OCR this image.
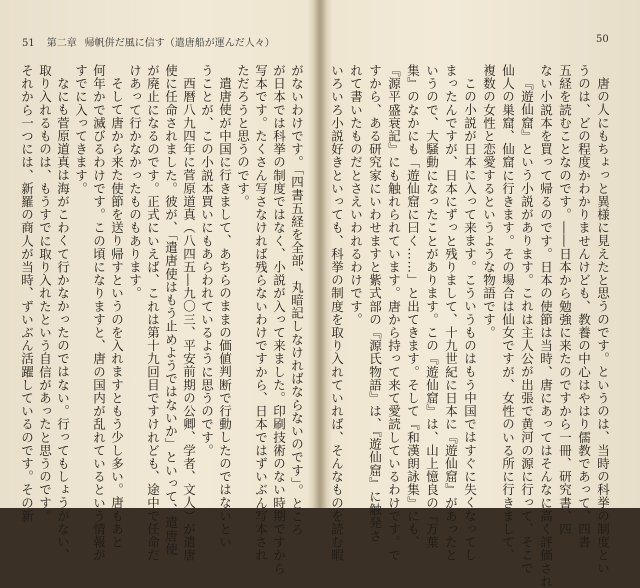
51 第二章 帰帆併だ風に信す（遣唐船が運んだ人々）	50
がないわけです。「四書五経を全部、丸暗記しなければならないのです」。ところ
が日本では科挙の制度ではなく、小説が入って来ました。印刷技術のない時期ですから
写本です。たくさん写さなければ残らないわけですから、日本ではずいぶん写本され
ただろうと思うのです。
遣唐使が中国に行きまして、あちらのままの価値判断で行動したのではないとい
うことが、この小説本買いにもあらわれているように思うのです。
西暦八九四年に菅原道真（八四五―九〇三、平安前期の公卿、学者、文人）が遣唐
使に任命されました。彼が、「遣唐使はもう止めようではないか」といって、遣唐使
が廃止になるのです。正式にいえば、これは第十九回目ですけれども、途中で任命だ
けあって行かなかったものもあります。
そして唐から来た使節を送り帰すというのを入れますともう少し多い。唐もあと
何年かで滅びるわけです。この頃になりますと、唐の国内が乱れているという情報が
すでに入ってきます。
なにも菅原道真は海がこわくて行かなかったのではない。行ってもしょうがない、
取り入れるものは、もうすでに取り入れたという自信があったと思うのです。
それから一つには、新羅の商人が当時、ずいぶん活躍しているのです。その新	唐の人にもちょっと異様に見えたと思うのです。というのは、当時の科挙の制度とい
うのは、どの程度かわかりませんけども、教養の中心はやはり儒教であって、四書
五経を読むことなのです。――日本から勉強に来たのですから一冊、研究書、四
ない小説本を買って帰るのです。日本の使節は当時、唐にあってはそんなに高く評価され
『遊仙窟』という小説があります。これは主人公が出張で黄河の源に行って、そこで
仙人の巣窟、仙窟に行きます。その場合は仙女ですが、女性のいる所に行きまして、
複数の女性と恋愛するというような物語です。
この小説が日本に入って来ます。こういうものはもう中国ではすぐに失くなってし
まったんですが、日本にずっと残りまして、十九世紀に日本に『遊仙窟』があったと
いうので、大騒動になったことがあります。この『遊仙窟』は、山上憶良の『万葉
集』のなかにも「遊仙窟に曰く……」と出てきます。そして『和漢朗詠集』にも、
『源平盛衰記』にも触れられています。唐から持って来て愛読しているわけです。で
すから、ある研究家にいわせますと紫式部の『源氏物語』は、『遊仙窟』に触発さ
れて書いたものだとさえいわれるわけです。
いろいろ小説好きといっても、科挙の制度を取り入れていれば、そんなものを読む暇
